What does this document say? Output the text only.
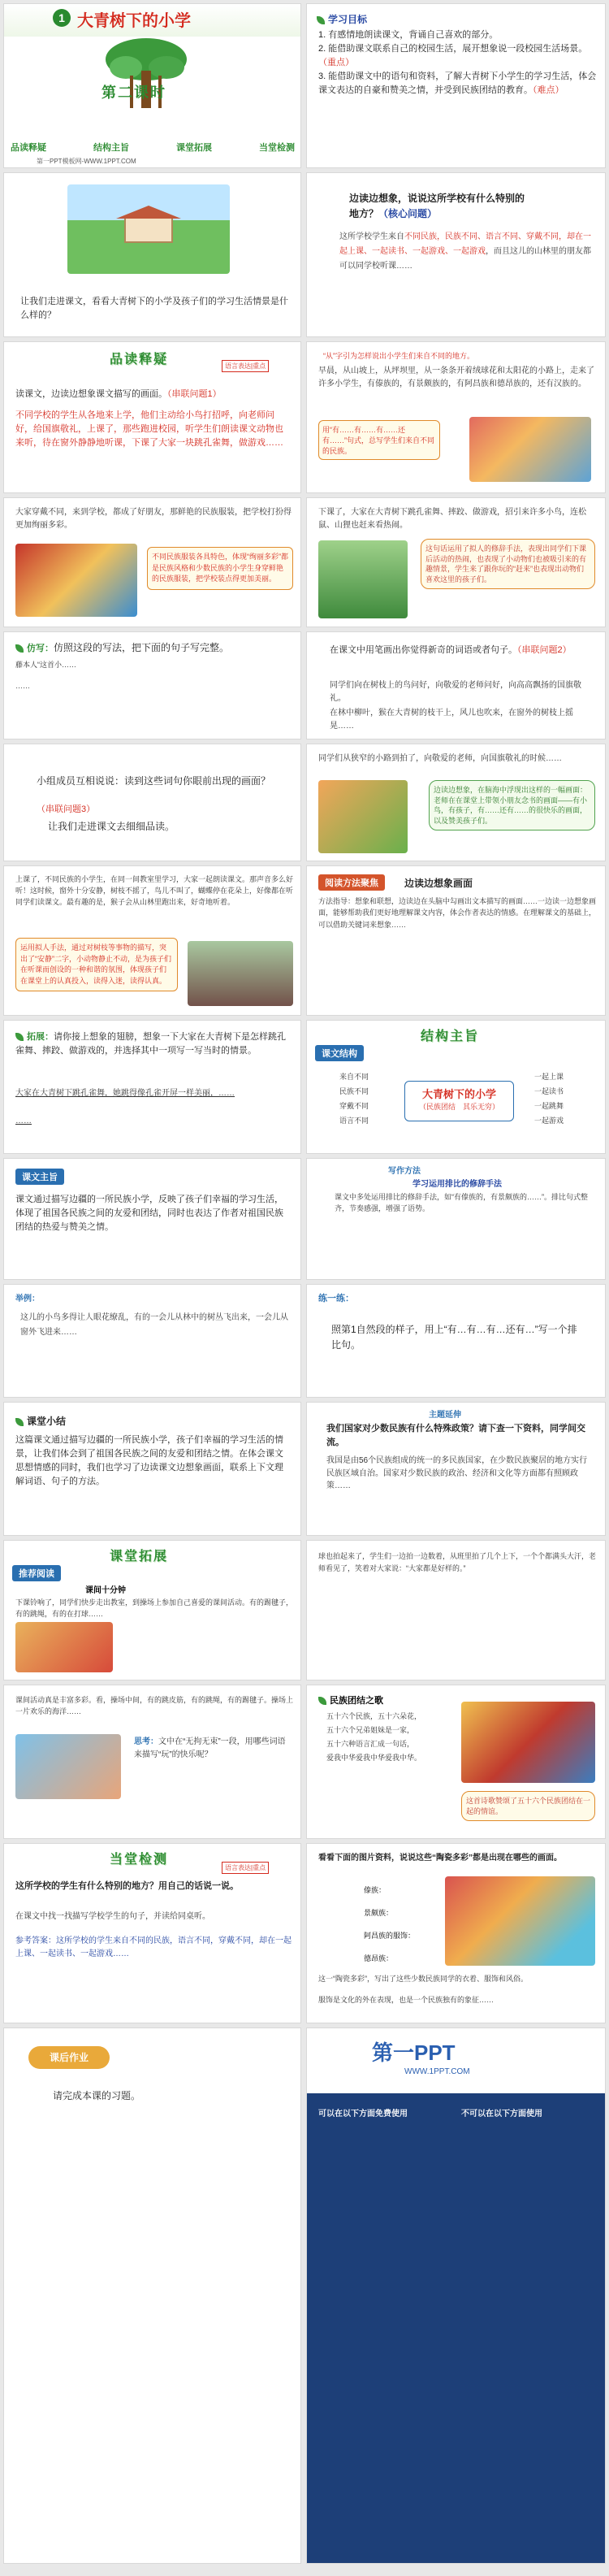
1 大青树下的小学
第二课时
品读释疑	结构主旨	课堂拓展	当堂检测
第一PPT模板网-WWW.1PPT.COM
学习目标
1. 有感情地朗读课文，背诵自己喜欢的部分。
2. 能借助课文联系自己的校园生活，展开想象说一段校园生活场景。（重点）
3. 能借助课文中的语句和资料，了解大青树下小学生的学习生活，体会课文表达的自豪和赞美之情，并受到民族团结的教育。（难点）
让我们走进课文，看看大青树下的小学及孩子们的学习生活情景是什么样的？
边读边想象，说说这所学校有什么特别的
地方？（核心问题）
这所学校学生来自不同民族，民族不同、语言不同、穿戴不同，却在一起上课、一起读书、一起游戏、一起游戏，而且这儿的山林里的朋友都可以同学校听课……
品读释疑	语言表达|重点
读课文，边读边想象课文描写的画面。（串联问题1）
不同学校的学生从各地来上学，他们主动给小鸟打招呼，向老师问好，给国旗敬礼，上课了，那些跑进校园，听学生们朗读课文动物也来听，待在窗外静静地听课，下课了大家一块跳孔雀舞，做游戏……
“从”字引为怎样说出小学生们来自不同的地方。
早晨，从山坡上，从坪坝里，从一条条开着绒球花和太阳花的小路上，走来了许多小学生，有傣族的，有景颇族的，有阿昌族和德昂族的，还有汉族的。
用“有……有……有……还有……”句式，总写学生们来自不同的民族。
大家穿戴不同，来到学校，都成了好朋友，那鲜艳的民族服装，把学校打扮得更加绚丽多彩。
不同民族服装各具特色，体现“绚丽多彩”都是民族风格和少数民族的小学生身穿鲜艳的民族服装，把学校装点得更加美丽。
下课了，大家在大青树下跳孔雀舞、摔跤、做游戏，招引来许多小鸟，连松鼠、山狸也赶来看热闹。
这句话运用了拟人的修辞手法，表现出同学们下课后活动的热闹，也表现了小动物们也被吸引来的有趣情景，学生来了跟你玩的“赶来”也表现出动物们喜欢这里的孩子们。
仿写：仿照这段的写法，把下面的句子写完整。
藤本人“这首小……
……
在课文中用笔画出你觉得新奇的词语或者句子。（串联问题2）
同学们向在树枝上的鸟问好，向敬爱的老师问好，向高高飘扬的国旗敬礼。
在林中柳叶，猴在大青树的枝干上，风儿也吹来，在窗外的树枝上摇晃……
小组成员互相说说：读到这些词句你眼前出现的画面？
（串联问题3）
让我们走进课文去细细品读。
同学们从狭窄的小路到拍了，向敬爱的老师，向国旗敬礼的时候……
边读边想象，在脑海中浮现出这样的一幅画面：老师在在课堂上带领小朋友念书的画面——有小鸟，有孩子，有……还有……的很快乐的画面，以及赞美孩子们。
上课了，不同民族的小学生，在同一间教室里学习，大家一起朗读课文。那声音多么好听！这时候，窗外十分安静，树枝不摇了，鸟儿不叫了，蝴蝶停在花朵上，好像都在听同学们读课文。最有趣的是，猴子会从山林里跑出来，好奇地听着。
运用拟人手法，通过对树枝等事物的描写，突出了“安静”二字，小动物静止不动，是为孩子们在听课而创设的一种和谐的氛围，体现孩子们在课堂上的认真投入，读得入迷，读得认真。
阅读方法聚焦	边读边想象画面
方法指导：想象和联想，边读边在头脑中勾画出文本描写的画面……一边读一边想象画面，能够帮助我们更好地理解课文内容，体会作者表达的情感。在理解课文的基础上，可以借助关键词来想象……
拓展：请你接上想象的翅膀，想象一下大家在大青树下是怎样跳孔雀舞、摔跤、做游戏的，并选择其中一项写一写当时的情景。
大家在大青树下跳孔雀舞，她跳得像孔雀开屏一样美丽，……
……
结构主旨
课文结构
来自不同
民族不同
穿戴不同
语言不同
大青树下的小学
（民族团结　其乐无穷）
一起上课
一起读书
一起跳舞
一起游戏
课文主旨
课文通过描写边疆的一所民族小学，反映了孩子们幸福的学习生活，体现了祖国各民族之间的友爱和团结，同时也表达了作者对祖国民族团结的热爱与赞美之情。
写作方法
学习运用排比的修辞手法
课文中多处运用排比的修辞手法，如“有傣族的，有景颇族的……”。排比句式整齐，节奏感强，增强了语势。
举例：
这儿的小鸟多得让人眼花缭乱，有的一会儿从林中的树丛飞出来，一会儿从窗外飞进来……
练一练：
照第1自然段的样子，用上“有…有…有…还有…”写一个排比句。
课堂小结
这篇课文通过描写边疆的一所民族小学，孩子们幸福的学习生活的情景，让我们体会到了祖国各民族之间的友爱和团结之情。在体会课文思想情感的同时，我们也学习了边读课文边想象画面，联系上下文理解词语、句子的方法。
主题延伸
我们国家对少数民族有什么特殊政策？请下查一下资料，同学间交流。
我国是由56个民族组成的统一的多民族国家，在少数民族聚居的地方实行民族区域自治。国家对少数民族的政治、经济和文化等方面都有照顾政策……
课堂拓展
推荐阅读
课间十分钟
下课铃响了，同学们快步走出教室，到操场上参加自己喜爱的课间活动。有的踢毽子，有的跳绳，有的在打球……
球也拍起来了，学生们一边拍一边数着，从班里拍了几个上下，一个个都满头大汗，老师看见了，笑着对大家说：“大家都是好样的。”
课间活动真是丰富多彩。看，操场中间，有的跳皮筋，有的跳绳，有的踢毽子。操场上一片欢乐的海洋……
思考：文中在“无拘无束”一段，用哪些词语来描写“玩”的快乐呢？
民族团结之歌
五十六个民族，五十六朵花，
五十六个兄弟姐妹是一家，
五十六种语言汇成一句话，
爱我中华爱我中华爱我中华。
这首诗歌赞颂了五十六个民族团结在一起的情谊。
当堂检测
语言表达|重点
这所学校的学生有什么特别的地方？用自己的话说一说。
在课文中找一找描写学校学生的句子，并读给同桌听。
参考答案：这所学校的学生来自不同的民族，语言不同，穿戴不同，却在一起上课、一起读书、一起游戏……
看看下面的图片资料，说说这些“陶瓷多彩”都是出现在哪些的画面。
傣族：
景颇族：
阿昌族的服饰：
德昂族：
这一“陶瓷多彩”，写出了这些少数民族同学的衣着、服饰和风俗。
服饰是文化的外在表现，也是一个民族独有的象征……
课后作业
请完成本课的习题。
第一PPT
WWW.1PPT.COM
可以在以下方面免费使用	不可以在以下方面使用
